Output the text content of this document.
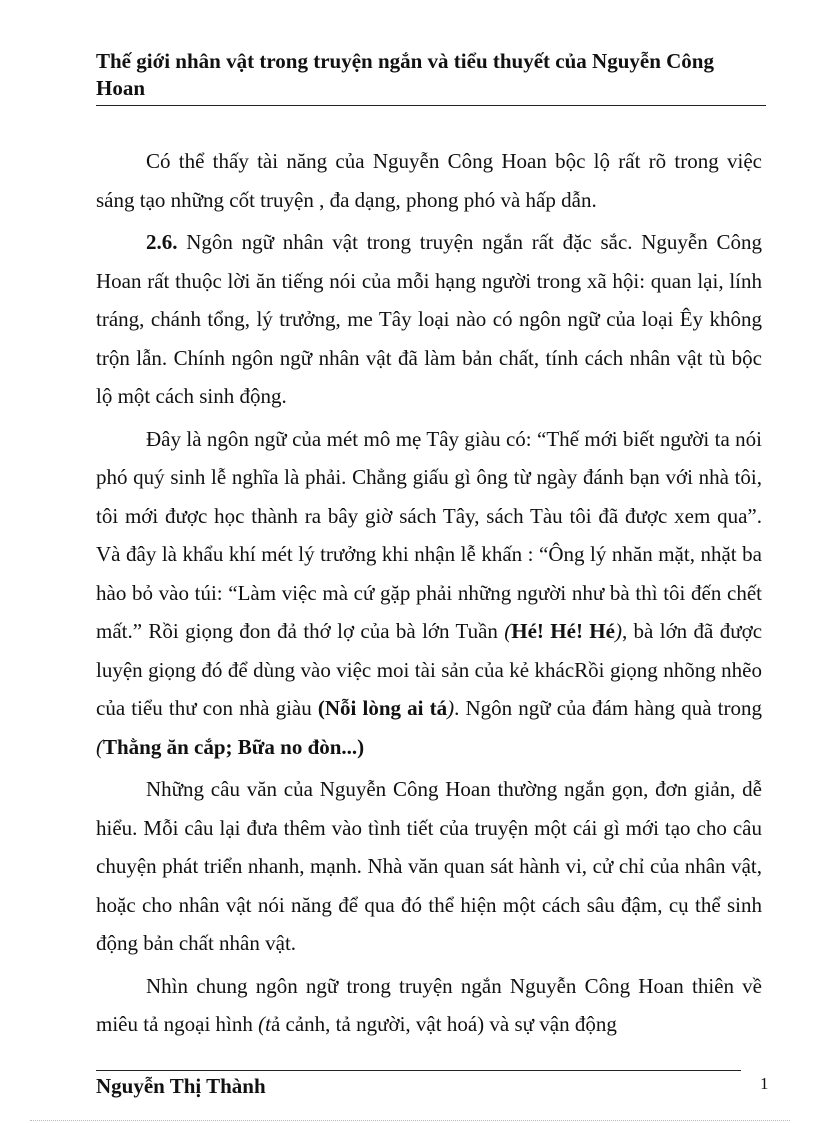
Thế giới nhân vật trong truyện ngắn và tiểu thuyết của Nguyễn Công Hoan

Có thể thấy tài năng của Nguyễn Công Hoan bộc lộ rất rõ trong việc sáng tạo những cốt truyện , đa dạng, phong phó và hấp dẫn.

2.6. Ngôn ngữ nhân vật trong truyện ngắn rất đặc sắc. Nguyễn Công Hoan rất thuộc lời ăn tiếng nói của mỗi hạng người trong xã hội: quan lại, lính tráng, chánh tổng, lý trưởng, me Tây loại nào có ngôn ngữ của loại Êy không trộn lẫn. Chính ngôn ngữ nhân vật đã làm bản chất, tính cách nhân vật tù bộc lộ một cách sinh động.

Đây là ngôn ngữ của mét mô mẹ Tây giàu có: “Thế mới biết người ta nói phó quý sinh lễ nghĩa là phải. Chẳng giấu gì ông từ ngày đánh bạn với nhà tôi, tôi mới được học thành ra bây giờ sách Tây, sách Tàu tôi đã được xem qua”. Và đây là khẩu khí mét lý trưởng khi nhận lễ khấn : “Ông lý nhăn mặt, nhặt ba hào bỏ vào túi: “Làm việc mà cứ gặp phải những người như bà thì tôi đến chết mất.” Rồi giọng đon đả thớ lợ của bà lớn Tuần (Hé! Hé! Hé), bà lớn đã được luyện giọng đó để dùng vào việc moi tài sản của kẻ khácRồi giọng nhõng nhẽo của tiểu thư con nhà giàu (Nỗi lòng ai tá). Ngôn ngữ của đám hàng quà trong (Thằng ăn cắp; Bữa no đòn...)

Những câu văn của Nguyễn Công Hoan thường ngắn gọn, đơn giản, dễ hiểu. Mỗi câu lại đưa thêm vào tình tiết của truyện một cái gì mới tạo cho câu chuyện phát triển nhanh, mạnh. Nhà văn quan sát hành vi, cử chỉ của nhân vật, hoặc cho nhân vật nói năng để qua đó thể hiện một cách sâu đậm, cụ thể sinh động bản chất nhân vật.

Nhìn chung ngôn ngữ trong truyện ngắn Nguyễn Công Hoan thiên về miêu tả ngoại hình (tả cảnh, tả người, vật hoá) và sự vận động

Nguyễn Thị Thành	1
